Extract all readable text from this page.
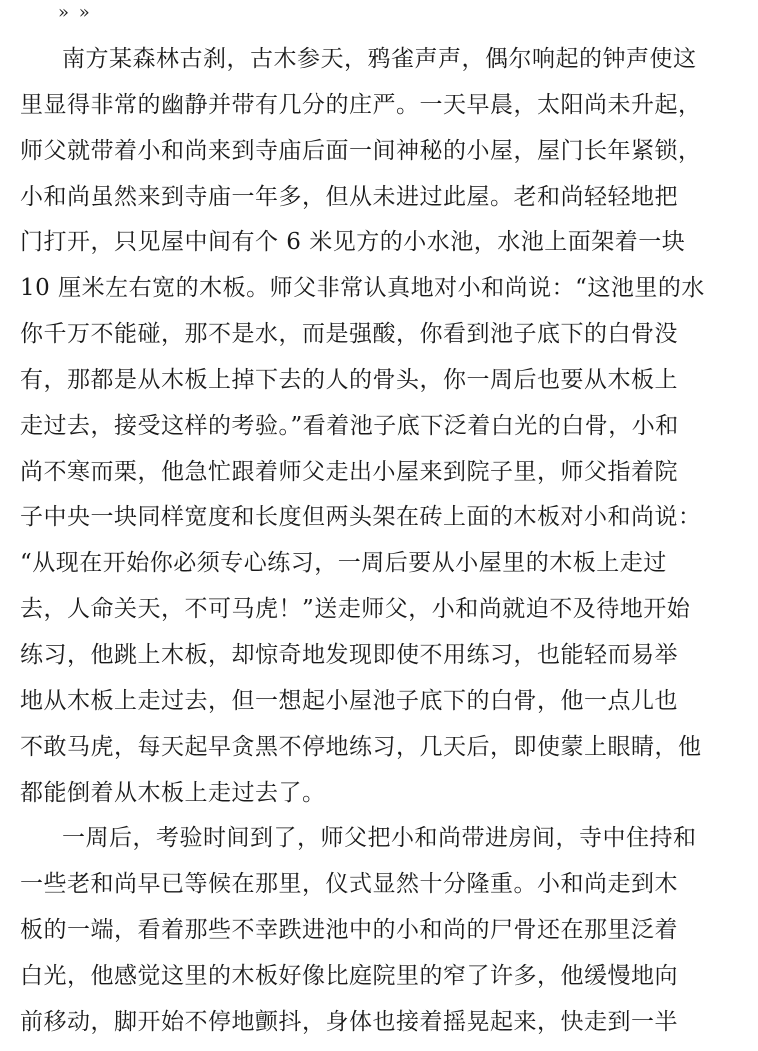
» »
南方某森林古刹，古木参天，鸦雀声声，偶尔响起的钟声使这
里显得非常的幽静并带有几分的庄严。一天早晨，太阳尚未升起，
师父就带着小和尚来到寺庙后面一间神秘的小屋，屋门长年紧锁，
小和尚虽然来到寺庙一年多，但从未进过此屋。老和尚轻轻地把
门打开，只见屋中间有个 6 米见方的小水池，水池上面架着一块
10 厘米左右宽的木板。师父非常认真地对小和尚说：“这池里的水
你千万不能碰，那不是水，而是强酸，你看到池子底下的白骨没
有，那都是从木板上掉下去的人的骨头，你一周后也要从木板上
走过去，接受这样的考验。”看着池子底下泛着白光的白骨，小和
尚不寒而栗，他急忙跟着师父走出小屋来到院子里，师父指着院
子中央一块同样宽度和长度但两头架在砖上面的木板对小和尚说：
“从现在开始你必须专心练习，一周后要从小屋里的木板上走过
去，人命关天，不可马虎！”送走师父，小和尚就迫不及待地开始
练习，他跳上木板，却惊奇地发现即使不用练习，也能轻而易举
地从木板上走过去，但一想起小屋池子底下的白骨，他一点儿也
不敢马虎，每天起早贪黑不停地练习，几天后，即使蒙上眼睛，他
都能倒着从木板上走过去了。
一周后，考验时间到了，师父把小和尚带进房间，寺中住持和
一些老和尚早已等候在那里，仪式显然十分隆重。小和尚走到木
板的一端，看着那些不幸跌进池中的小和尚的尸骨还在那里泛着
白光，他感觉这里的木板好像比庭院里的窄了许多，他缓慢地向
前移动，脚开始不停地颤抖，身体也接着摇晃起来，快走到一半
